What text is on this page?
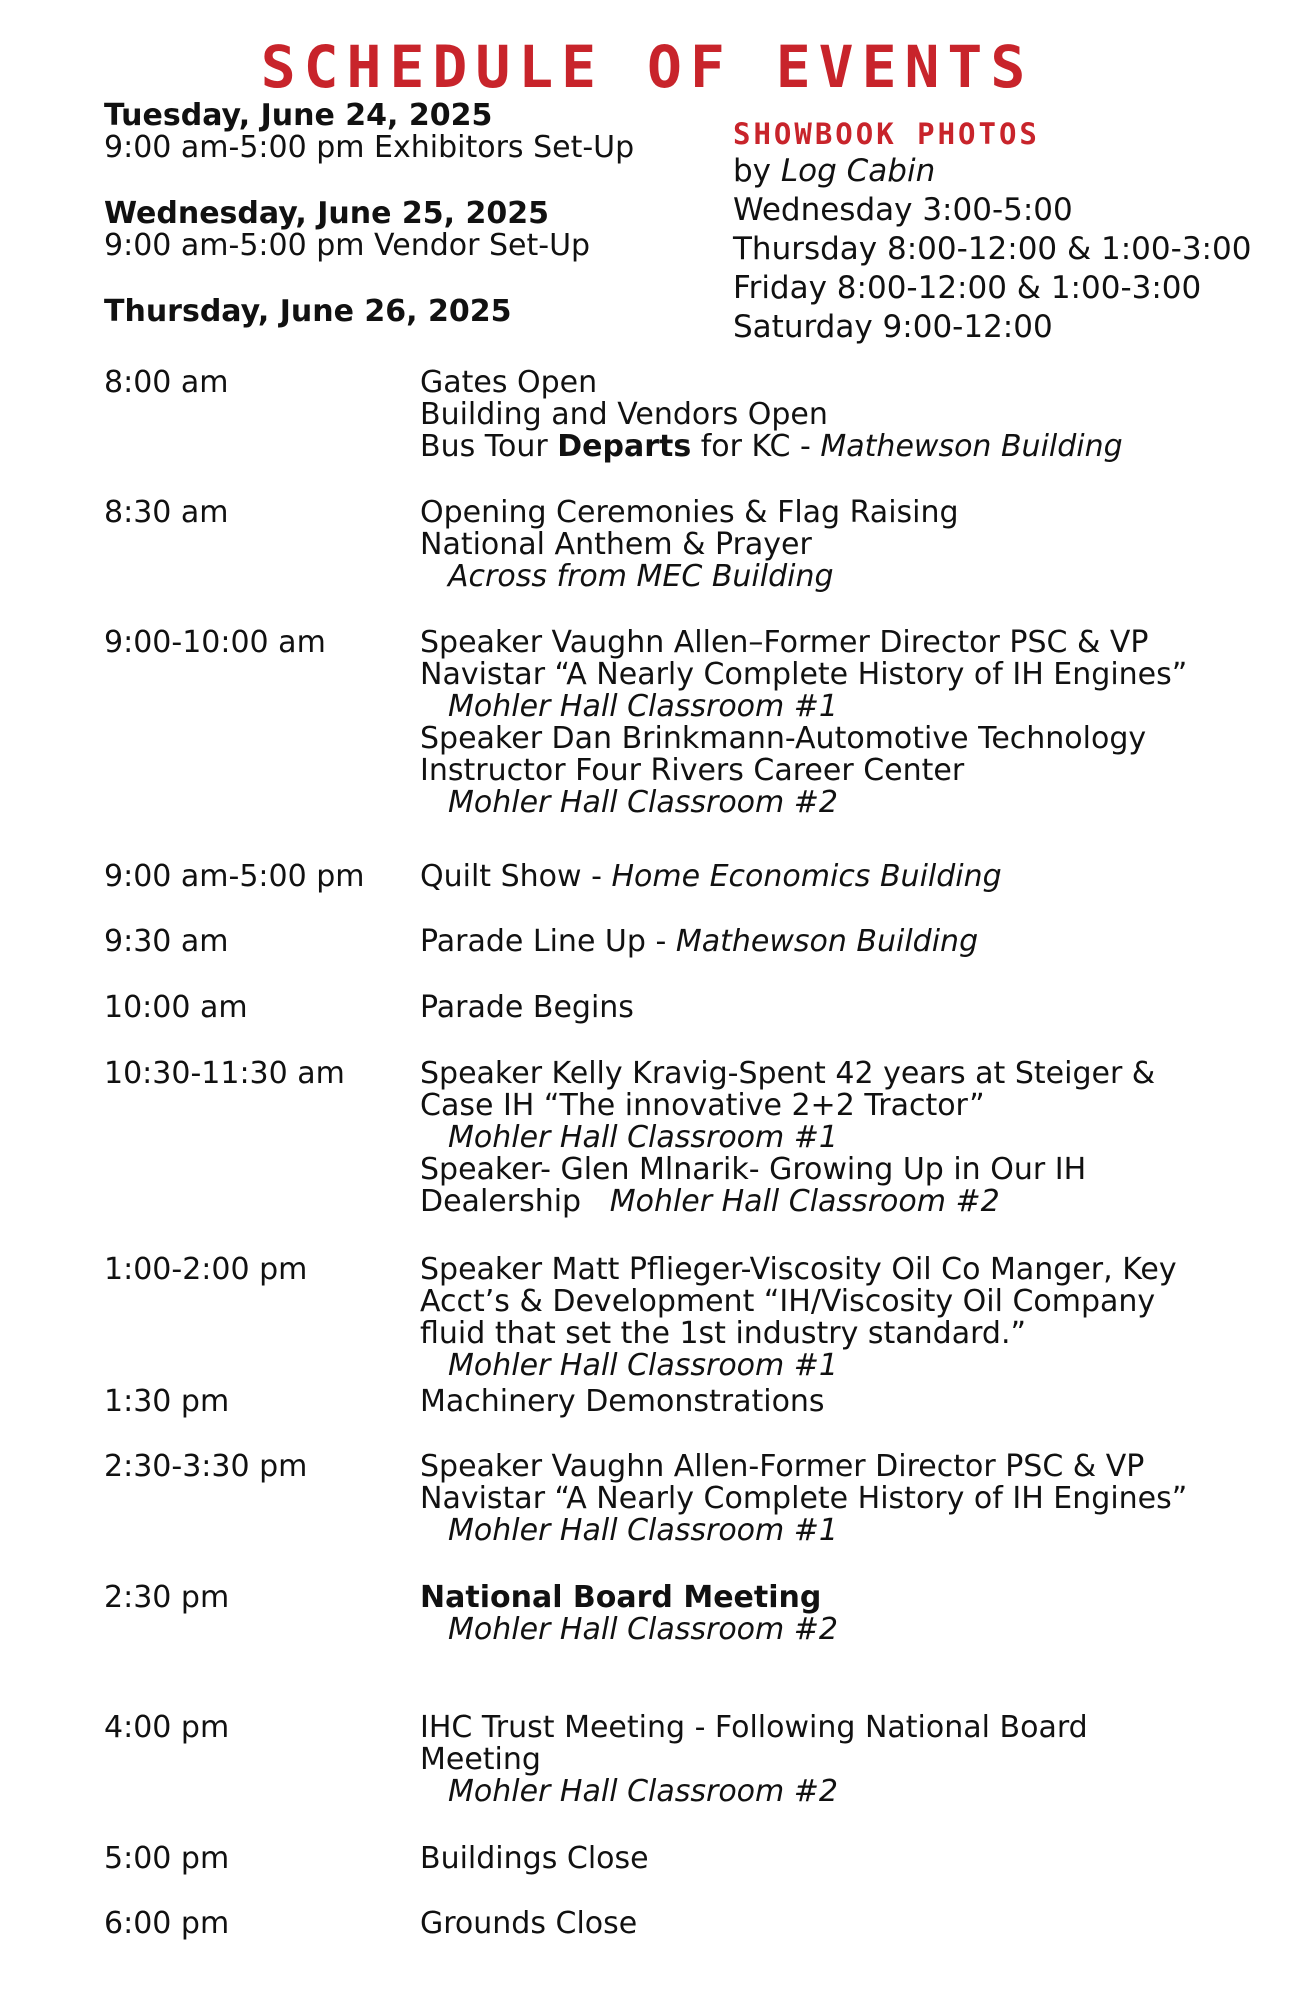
SCHEDULE OF EVENTS
Tuesday, June 24, 2025
9:00 am-5:00 pm Exhibitors Set-Up
Wednesday, June 25, 2025
9:00 am-5:00 pm Vendor Set-Up
Thursday, June 26, 2025
SHOWBOOK PHOTOS
by Log Cabin
Wednesday 3:00-5:00
Thursday 8:00-12:00 & 1:00-3:00
Friday 8:00-12:00 & 1:00-3:00
Saturday 9:00-12:00
8:00 am	Gates Open
Building and Vendors Open
Bus Tour Departs for KC - Mathewson Building
8:30 am	Opening Ceremonies & Flag Raising
National Anthem & Prayer
Across from MEC Building
9:00-10:00 am	Speaker Vaughn Allen–Former Director PSC & VP
Navistar “A Nearly Complete History of IH Engines”
Mohler Hall Classroom #1
Speaker Dan Brinkmann-Automotive Technology
Instructor Four Rivers Career Center
Mohler Hall Classroom #2
9:00 am-5:00 pm	Quilt Show - Home Economics Building
9:30 am	Parade Line Up - Mathewson Building
10:00 am	Parade Begins
10:30-11:30 am	Speaker Kelly Kravig-Spent 42 years at Steiger &
Case IH “The innovative 2+2 Tractor”
Mohler Hall Classroom #1
Speaker- Glen Mlnarik- Growing Up in Our IH
Dealership   Mohler Hall Classroom #2
1:00-2:00 pm	Speaker Matt Pflieger-Viscosity Oil Co Manger, Key
Acct’s & Development “IH/Viscosity Oil Company
fluid that set the 1st industry standard.”
Mohler Hall Classroom #1
1:30 pm	Machinery Demonstrations
2:30-3:30 pm	Speaker Vaughn Allen-Former Director PSC & VP
Navistar “A Nearly Complete History of IH Engines”
Mohler Hall Classroom #1
2:30 pm	National Board Meeting
Mohler Hall Classroom #2
4:00 pm	IHC Trust Meeting - Following National Board
Meeting
Mohler Hall Classroom #2
5:00 pm	Buildings Close
6:00 pm	Grounds Close
